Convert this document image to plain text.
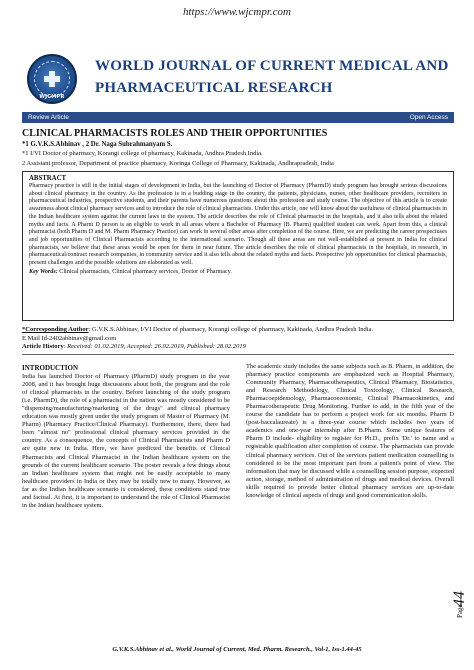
https://www.wjcmpr.com
WJCMPR
WORLD JOURNAL OF CURRENT MEDICAL AND
PHARMACEUTICAL RESEARCH
Review Article	Open Access
CLINICAL PHARMACISTS ROLES AND THEIR OPPORTUNITIES
*1 G.V.K.S.Abhinav , 2 Dr. Naga Subrahmanyam S.
*1 I/VI Doctor of pharmacy, Korangi college of pharmacy, Kakinada, Andhra Pradesh India.
2 Assistant professor, Department of practice pharmacy, Koringa College of Pharmacy, Kakinada, Andhrapradesh, India
ABSTRACT
Pharmacy practice is still in the initial stages of development in India, but the launching of Doctor of Pharmacy (PharmD) study program has brought serious discussions about clinical pharmacy in the country. As the profession is in a budding stage in the country, the patients, physicians, nurses, other healthcare providers, recruiters in pharmaceutical industries, prospective students, and their parents have numerous questions about this profession and study course. The objective of this article is to create awareness about clinical pharmacy services and to introduce the role of clinical pharmacists. Under this article, one will know about the usefulness of clinical pharmacists in the Indian healthcare system against the current laws in the system. The article describes the role of Clinical pharmacist in the hospitals, and it also tells about the related myths and facts. A Pharm D person is an eligible to work in all areas where a Bachelor of Pharmacy (B. Pharm) qualified student can work. Apart from this, a clinical pharmacist (both Pharm D and M. Pharm Pharmacy Practice) can work in several other areas after completion of the course. Here, we are predicting the career prospectuses and job opportunities of Clinical Pharmacists according to the international scenario. Though all these areas are not well-established at present in India for clinical pharmacists, we believe that these areas would be open for them in near future. The article describes the role of clinical pharmacists in the hospitals, in research, in pharmaceutical/contract research companies, in community service and it also tells about the related myths and facts. Prospective job opportunities for clinical pharmacists, present challenges and the possible solutions are elaborated as well.
Key Words: Clinical pharmacists, Clinical pharmacy services, Doctor of Pharmacy.
*Corresponding Author: G.V.K.S.Abhinav, I/VI Doctor of pharmacy, Korangi college of pharmacy, Kakinada, Andhra Pradesh India.
E Mail Id-2402abhinav@gmail.com
Article History: Received: 01.02.2019, Accepted: 26.02.2019, Published: 28.02.2019
INTRODUCTION
India has launched Doctor of Pharmacy (PharmD) study program in the year 2008, and it has brought huge discussions about both, the program and the role of clinical pharmacists in the country. Before launching of the study program (i.e. PharmD), the role of a pharmacist in the nation was mostly considered to be "dispensing/manufacturing/marketing of the drugs" and clinical pharmacy education was mostly given under the study program of Master of Pharmacy (M. Pharm) (Pharmacy Practice/Clinical Pharmacy). Furthermore, there, there had been "almost no" professional clinical pharmacy services provided in the country. As a consequence, the concepts of Clinical Pharmacists and Pharm D are quite new in India. Here, we have predicted the benefits of Clinical Pharmacists and Clinical Pharmacist in the Indian healthcare system on the grounds of the current healthcare scenario. The poster reveals a few things about an Indian healthcare system that might not be easily acceptable to many healthcare providers in India or they may be totally new to many. However, as far as the Indian healthcare scenario is considered, these conditions stand true and factual. At first, it is important to understand the role of Clinical Pharmacist in the Indian healthcare system.
The academic study includes the same subjects such as B. Pharm, in addition, the pharmacy practice components are emphasized such as Hospital Pharmacy, Community Pharmacy, Pharmacotherapeutics, Clinical Pharmacy, Biostatistics, and Research Methodology, Clinical Toxicology, Clinical Research, Pharmacoepidemology, Pharmacoeconomic, Clinical Pharmacokinetics, and Pharmacotherapeutic Drug Monitoring. Further to add, in the fifth year of the course the candidate has to perform a project work for six months. Pharm D (post-baccalaureate) is a three-year course which includes two years of academics and one-year internship after B.Pharm. Some unique features of Pharm D include- eligibility to register for Ph.D., prefix 'Dr.' to name and a registrable qualification after completion of course. The pharmacists can provide clinical pharmacy services. Out of the services patient medication counselling is considered to be the most important part from a patient's point of view. The information that may be discussed while a counselling session purpose, expected action, storage, method of administration of drugs and medical devices. Overall skills required to provide better clinical pharmacy services are up-to-date knowledge of clinical aspects of drugs and good communication skills.
Page
44
G.V.K.S.Abhinav et al., World Journal of Current, Med. Pharm. Research., Vol-1, Iss-1.44-45
